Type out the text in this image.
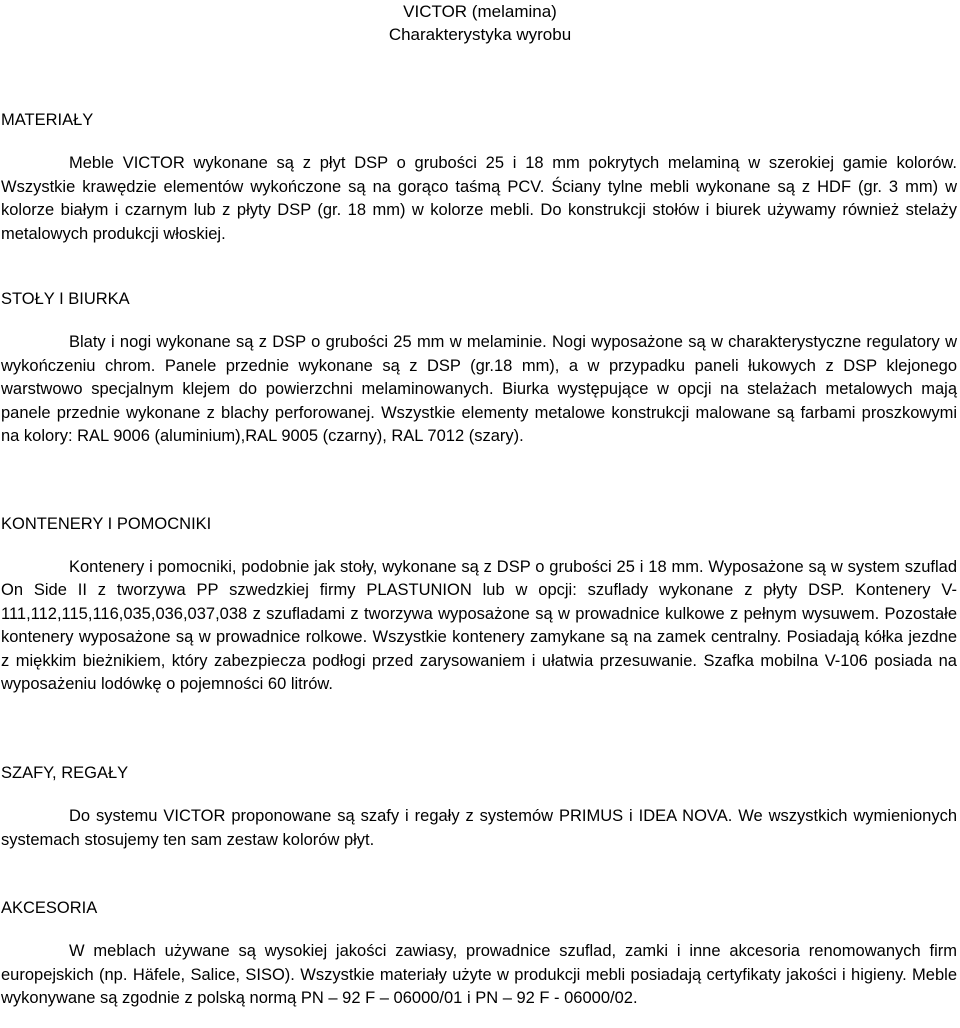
VICTOR (melamina)
Charakterystyka wyrobu
MATERIAŁY
Meble VICTOR wykonane są z płyt DSP o grubości 25 i 18 mm pokrytych melaminą w szerokiej gamie kolorów. Wszystkie krawędzie elementów wykończone są na gorąco taśmą PCV. Ściany tylne mebli wykonane są z HDF (gr. 3 mm) w kolorze białym i czarnym lub z płyty DSP (gr. 18 mm) w kolorze mebli. Do konstrukcji stołów i biurek używamy również stelaży metalowych produkcji włoskiej.
STOŁY I BIURKA
Blaty i nogi wykonane są z DSP o grubości 25 mm w melaminie. Nogi wyposażone są w charakterystyczne regulatory w wykończeniu chrom. Panele przednie wykonane są z DSP (gr.18 mm), a w przypadku paneli łukowych z DSP klejonego warstwowo specjalnym klejem do powierzchni melaminowanych. Biurka występujące w opcji na stelażach metalowych mają panele przednie wykonane z blachy perforowanej. Wszystkie elementy metalowe konstrukcji malowane są farbami proszkowymi na kolory: RAL 9006 (aluminium),RAL 9005 (czarny), RAL 7012 (szary).
KONTENERY I POMOCNIKI
Kontenery i pomocniki, podobnie jak stoły, wykonane są z DSP o grubości 25 i 18 mm. Wyposażone są w system szuflad On Side II z tworzywa PP szwedzkiej firmy PLASTUNION lub w opcji: szuflady wykonane z płyty DSP. Kontenery V-111,112,115,116,035,036,037,038 z szufladami z tworzywa wyposażone są w prowadnice kulkowe z pełnym wysuwem. Pozostałe kontenery wyposażone są w prowadnice rolkowe. Wszystkie kontenery zamykane są na zamek centralny. Posiadają kółka jezdne z miękkim bieżnikiem, który zabezpiecza podłogi przed zarysowaniem i ułatwia przesuwanie. Szafka mobilna V-106 posiada na wyposażeniu lodówkę o pojemności 60 litrów.
SZAFY, REGAŁY
Do systemu VICTOR proponowane są szafy i regały z systemów PRIMUS i IDEA NOVA. We wszystkich wymienionych systemach stosujemy ten sam zestaw kolorów płyt.
AKCESORIA
W meblach używane są wysokiej jakości zawiasy, prowadnice szuflad, zamki i inne akcesoria renomowanych firm europejskich (np. Häfele, Salice, SISO). Wszystkie materiały użyte w produkcji mebli posiadają certyfikaty jakości i higieny. Meble wykonywane są zgodnie z polską normą PN – 92 F – 06000/01 i PN – 92 F - 06000/02.
